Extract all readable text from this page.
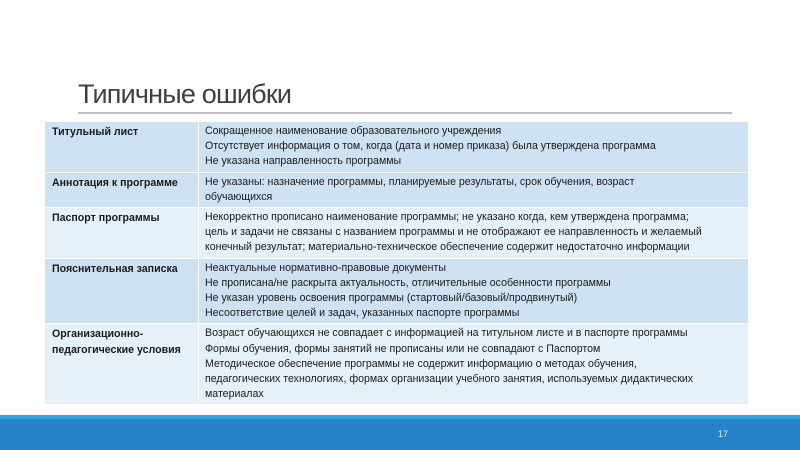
Типичные ошибки
Титульный лист	Сокращенное наименование образовательного учреждения
Отсутствует информация о том, когда (дата и номер приказа) была утверждена программа
Не указана направленность программы

Аннотация к программе	Не указаны: назначение программы, планируемые результаты, срок обучения, возраст
обучающихся

Паспорт программы	Некорректно прописано наименование программы; не указано когда, кем утверждена программа;
цель и задачи не связаны с названием программы и не отображают ее направленность и желаемый
конечный результат; материально-техническое обеспечение содержит недостаточно информации

Пояснительная записка	Неактуальные нормативно-правовые документы
Не прописана/не раскрыта актуальность, отличительные особенности программы
Не указан уровень освоения программы (стартовый/базовый/продвинутый)
Несоответствие целей и задач, указанных паспорте программы

Организационно-педагогические условия	Возраст обучающихся не совпадает с информацией на титульном листе и в паспорте программы
Формы обучения, формы занятий не прописаны или не совпадают с Паспортом
Методическое обеспечение программы не содержит информацию о методах обучения,
педагогических технологиях, формах организации учебного занятия, используемых дидактических
материалах
17
